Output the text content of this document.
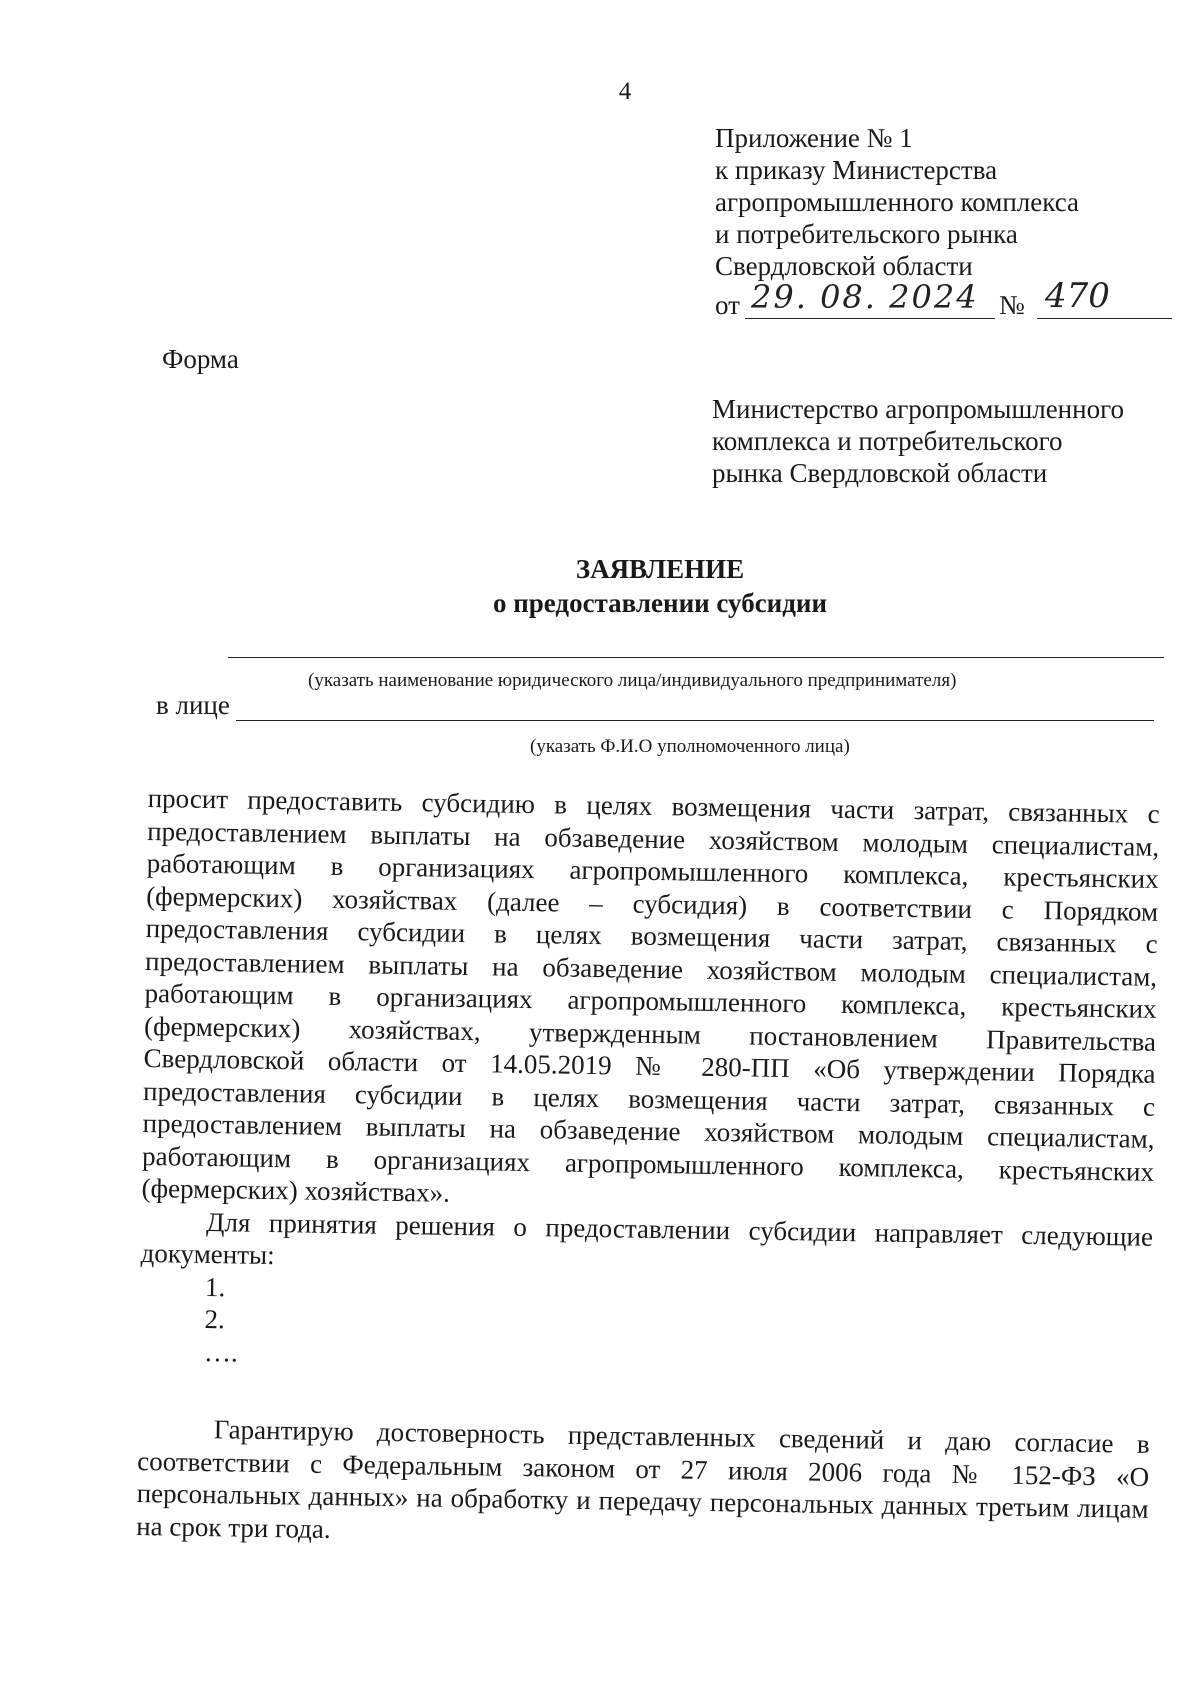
4
Приложение № 1
к приказу Министерства
агропромышленного комплекса
и потребительского рынка
Свердловской области
от 29. 08. 2024 № 470
Форма
Министерство агропромышленного
комплекса и потребительского
рынка Свердловской области
ЗАЯВЛЕНИЕ
о предоставлении субсидии
(указать наименование юридического лица/индивидуального предпринимателя)
в лице
(указать Ф.И.О уполномоченного лица)

просит предоставить субсидию в целях возмещения части затрат, связанных с предоставлением выплаты на обзаведение хозяйством молодым специалистам, работающим в организациях агропромышленного комплекса, крестьянских (фермерских) хозяйствах (далее – субсидия) в соответствии с Порядком предоставления субсидии в целях возмещения части затрат, связанных с предоставлением выплаты на обзаведение хозяйством молодым специалистам, работающим в организациях агропромышленного комплекса, крестьянских (фермерских) хозяйствах, утвержденным постановлением Правительства Свердловской области от 14.05.2019 № 280-ПП «Об утверждении Порядка предоставления субсидии в целях возмещения части затрат, связанных с предоставлением выплаты на обзаведение хозяйством молодым специалистам, работающим в организациях агропромышленного комплекса, крестьянских (фермерских) хозяйствах».

Для принятия решения о предоставлении субсидии направляет следующие документы:

1.
2.
….
Гарантирую достоверность представленных сведений и даю согласие в соответствии с Федеральным законом от 27 июля 2006 года № 152-ФЗ «О персональных данных» на обработку и передачу персональных данных третьим лицам на срок три года.
